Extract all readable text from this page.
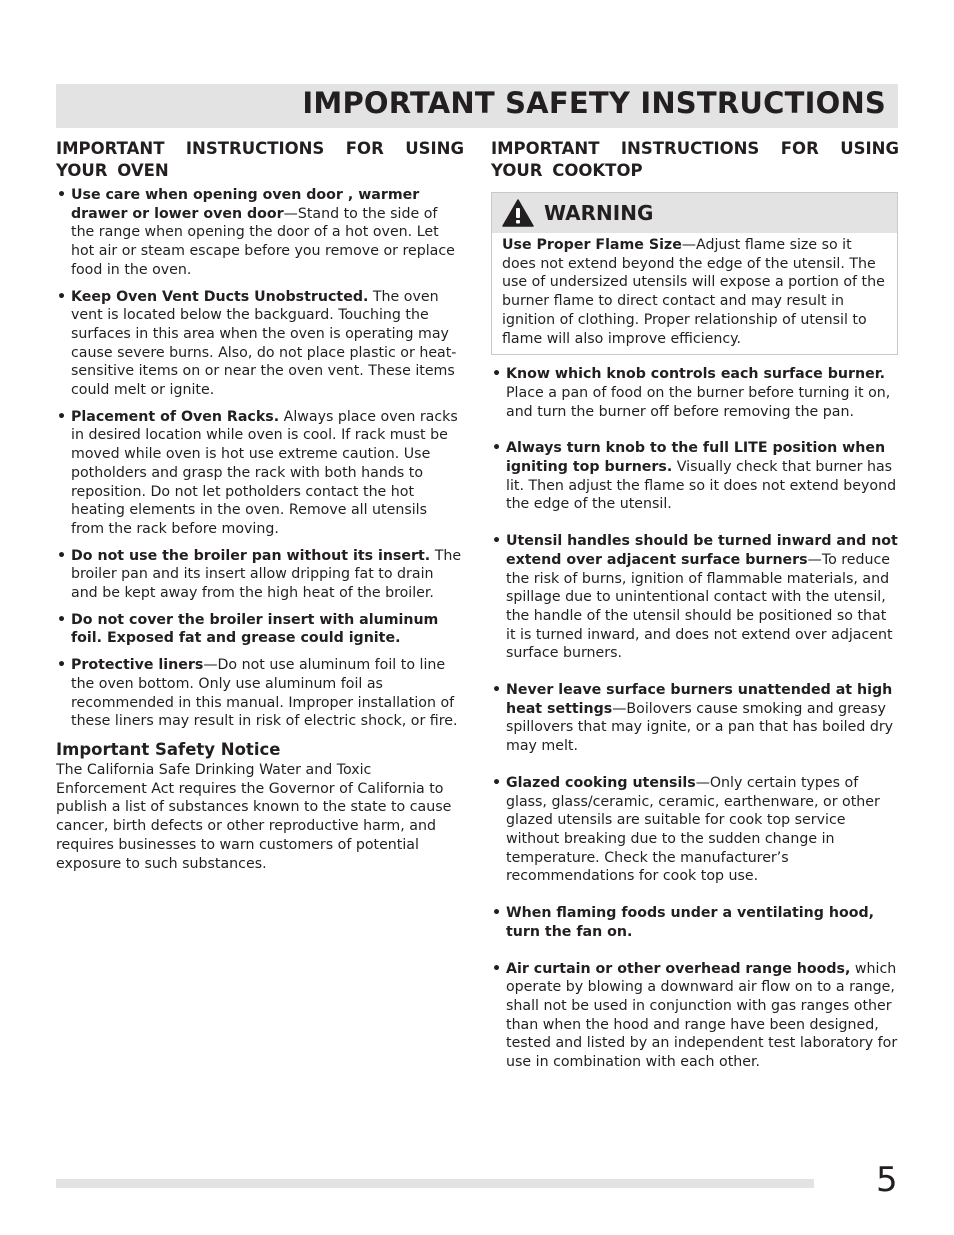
IMPORTANT SAFETY INSTRUCTIONS
IMPORTANT INSTRUCTIONS FOR USING YOUR OVEN
• Use care when opening oven door , warmer drawer or lower oven door—Stand to the side of the range when opening the door of a hot oven. Let hot air or steam escape before you remove or replace food in the oven.
• Keep Oven Vent Ducts Unobstructed. The oven vent is located below the backguard. Touching the surfaces in this area when the oven is operating may cause severe burns. Also, do not place plastic or heat-sensitive items on or near the oven vent. These items could melt or ignite.
• Placement of Oven Racks. Always place oven racks in desired location while oven is cool. If rack must be moved while oven is hot use extreme caution. Use potholders and grasp the rack with both hands to reposition. Do not let potholders contact the hot heating elements in the oven. Remove all utensils from the rack before moving.
• Do not use the broiler pan without its insert. The broiler pan and its insert allow dripping fat to drain and be kept away from the high heat of the broiler.
• Do not cover the broiler insert with aluminum foil. Exposed fat and grease could ignite.
• Protective liners—Do not use aluminum foil to line the oven bottom. Only use aluminum foil as recommended in this manual. Improper installation of these liners may result in risk of electric shock, or fire.
Important Safety Notice
The California Safe Drinking Water and Toxic Enforcement Act requires the Governor of California to publish a list of substances known to the state to cause cancer, birth defects or other reproductive harm, and requires businesses to warn customers of potential exposure to such substances.
IMPORTANT INSTRUCTIONS FOR USING YOUR COOKTOP
WARNING
Use Proper Flame Size—Adjust flame size so it does not extend beyond the edge of the utensil. The use of undersized utensils will expose a portion of the burner flame to direct contact and may result in ignition of clothing. Proper relationship of utensil to flame will also improve efficiency.
• Know which knob controls each surface burner. Place a pan of food on the burner before turning it on, and turn the burner off before removing the pan.
• Always turn knob to the full LITE position when igniting top burners. Visually check that burner has lit. Then adjust the flame so it does not extend beyond the edge of the utensil.
• Utensil handles should be turned inward and not extend over adjacent surface burners—To reduce the risk of burns, ignition of flammable materials, and spillage due to unintentional contact with the utensil, the handle of the utensil should be positioned so that it is turned inward, and does not extend over adjacent surface burners.
• Never leave surface burners unattended at high heat settings—Boilovers cause smoking and greasy spillovers that may ignite, or a pan that has boiled dry may melt.
• Glazed cooking utensils—Only certain types of glass, glass/ceramic, ceramic, earthenware, or other glazed utensils are suitable for cook top service without breaking due to the sudden change in temperature. Check the manufacturer’s recommendations for cook top use.
• When flaming foods under a ventilating hood, turn the fan on.
• Air curtain or other overhead range hoods, which operate by blowing a downward air flow on to a range, shall not be used in conjunction with gas ranges other than when the hood and range have been designed, tested and listed by an independent test laboratory for use in combination with each other.
5
